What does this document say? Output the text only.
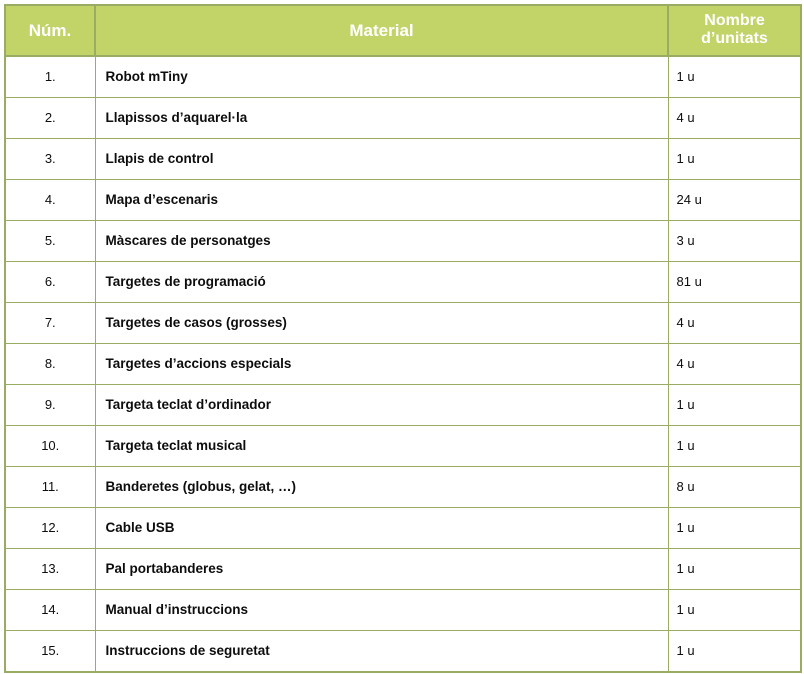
Núm.	Material	Nombre
d’unitats

1.	Robot mTiny	1 u
2.	Llapissos d’aquarel·la	4 u
3.	Llapis de control	1 u
4.	Mapa d’escenaris	24 u
5.	Màscares de personatges	3 u
6.	Targetes de programació	81 u
7.	Targetes de casos (grosses)	4 u
8.	Targetes d’accions especials	4 u
9.	Targeta teclat d’ordinador	1 u
10.	Targeta teclat musical	1 u
11.	Banderetes (globus, gelat, …)	8 u
12.	Cable USB	1 u
13.	Pal portabanderes	1 u
14.	Manual d’instruccions	1 u
15.	Instruccions de seguretat	1 u
